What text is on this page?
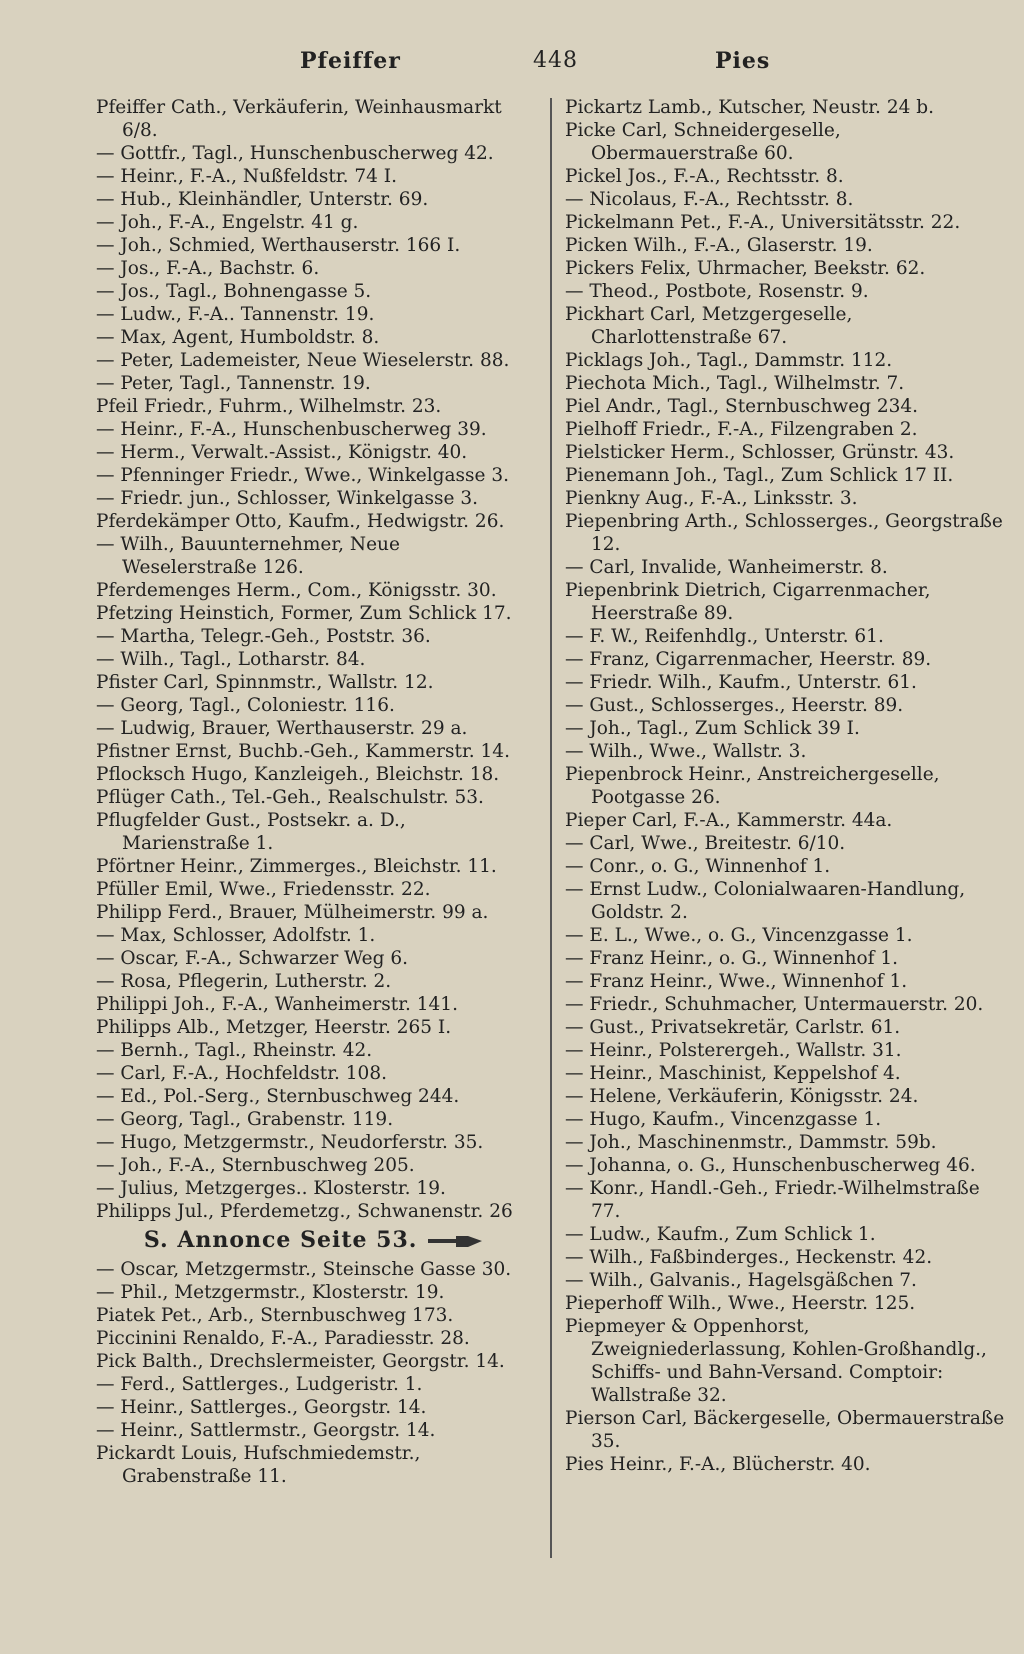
Pfeiffer	448	Pies
Pfeiffer Cath., Verkäuferin, Weinhausmarkt 6/8.
— Gottfr., Tagl., Hunschenbuscherweg 42.
— Heinr., F.-A., Nußfeldstr. 74 I.
— Hub., Kleinhändler, Unterstr. 69.
— Joh., F.-A., Engelstr. 41 g.
— Joh., Schmied, Werthauserstr. 166 I.
— Jos., F.-A., Bachstr. 6.
— Jos., Tagl., Bohnengasse 5.
— Ludw., F.-A.. Tannenstr. 19.
— Max, Agent, Humboldstr. 8.
— Peter, Lademeister, Neue Wieselerstr. 88.
— Peter, Tagl., Tannenstr. 19.
Pfeil Friedr., Fuhrm., Wilhelmstr. 23.
— Heinr., F.-A., Hunschenbuscherweg 39.
— Herm., Verwalt.-Assist., Königstr. 40.
— Pfenninger Friedr., Wwe., Winkelgasse 3.
— Friedr. jun., Schlosser, Winkelgasse 3.
Pferdekämper Otto, Kaufm., Hedwigstr. 26.
— Wilh., Bauunternehmer, Neue Weselerstraße 126.
Pferdemenges Herm., Com., Königsstr. 30.
Pfetzing Heinstich, Former, Zum Schlick 17.
— Martha, Telegr.-Geh., Poststr. 36.
— Wilh., Tagl., Lotharstr. 84.
Pfister Carl, Spinnmstr., Wallstr. 12.
— Georg, Tagl., Coloniestr. 116.
— Ludwig, Brauer, Werthauserstr. 29 a.
Pfistner Ernst, Buchb.-Geh., Kammerstr. 14.
Pflocksch Hugo, Kanzleigeh., Bleichstr. 18.
Pflüger Cath., Tel.-Geh., Realschulstr. 53.
Pflugfelder Gust., Postsekr. a. D., Marienstraße 1.
Pförtner Heinr., Zimmerges., Bleichstr. 11.
Pfüller Emil, Wwe., Friedensstr. 22.
Philipp Ferd., Brauer, Mülheimerstr. 99 a.
— Max, Schlosser, Adolfstr. 1.
— Oscar, F.-A., Schwarzer Weg 6.
— Rosa, Pflegerin, Lutherstr. 2.
Philippi Joh., F.-A., Wanheimerstr. 141.
Philipps Alb., Metzger, Heerstr. 265 I.
— Bernh., Tagl., Rheinstr. 42.
— Carl, F.-A., Hochfeldstr. 108.
— Ed., Pol.-Serg., Sternbuschweg 244.
— Georg, Tagl., Grabenstr. 119.
— Hugo, Metzgermstr., Neudorferstr. 35.
— Joh., F.-A., Sternbuschweg 205.
— Julius, Metzgerges.. Klosterstr. 19.
Philipps Jul., Pferdemetzg., Schwanenstr. 26
S. Annonce Seite 53.
— Oscar, Metzgermstr., Steinsche Gasse 30.
— Phil., Metzgermstr., Klosterstr. 19.
Piatek Pet., Arb., Sternbuschweg 173.
Piccinini Renaldo, F.-A., Paradiesstr. 28.
Pick Balth., Drechslermeister, Georgstr. 14.
— Ferd., Sattlerges., Ludgeristr. 1.
— Heinr., Sattlerges., Georgstr. 14.
— Heinr., Sattlermstr., Georgstr. 14.
Pickardt Louis, Hufschmiedemstr., Grabenstraße 11.
Pickartz Lamb., Kutscher, Neustr. 24 b.
Picke Carl, Schneidergeselle, Obermauerstraße 60.
Pickel Jos., F.-A., Rechtsstr. 8.
— Nicolaus, F.-A., Rechtsstr. 8.
Pickelmann Pet., F.-A., Universitätsstr. 22.
Picken Wilh., F.-A., Glaserstr. 19.
Pickers Felix, Uhrmacher, Beekstr. 62.
— Theod., Postbote, Rosenstr. 9.
Pickhart Carl, Metzgergeselle, Charlottenstraße 67.
Picklags Joh., Tagl., Dammstr. 112.
Piechota Mich., Tagl., Wilhelmstr. 7.
Piel Andr., Tagl., Sternbuschweg 234.
Pielhoff Friedr., F.-A., Filzengraben 2.
Pielsticker Herm., Schlosser, Grünstr. 43.
Pienemann Joh., Tagl., Zum Schlick 17 II.
Pienkny Aug., F.-A., Linksstr. 3.
Piepenbring Arth., Schlosserges., Georgstraße 12.
— Carl, Invalide, Wanheimerstr. 8.
Piepenbrink Dietrich, Cigarrenmacher, Heerstraße 89.
— F. W., Reifenhdlg., Unterstr. 61.
— Franz, Cigarrenmacher, Heerstr. 89.
— Friedr. Wilh., Kaufm., Unterstr. 61.
— Gust., Schlosserges., Heerstr. 89.
— Joh., Tagl., Zum Schlick 39 I.
— Wilh., Wwe., Wallstr. 3.
Piepenbrock Heinr., Anstreichergeselle, Pootgasse 26.
Pieper Carl, F.-A., Kammerstr. 44a.
— Carl, Wwe., Breitestr. 6/10.
— Conr., o. G., Winnenhof 1.
— Ernst Ludw., Colonialwaaren-Handlung, Goldstr. 2.
— E. L., Wwe., o. G., Vincenzgasse 1.
— Franz Heinr., o. G., Winnenhof 1.
— Franz Heinr., Wwe., Winnenhof 1.
— Friedr., Schuhmacher, Untermauerstr. 20.
— Gust., Privatsekretär, Carlstr. 61.
— Heinr., Polsterergeh., Wallstr. 31.
— Heinr., Maschinist, Keppelshof 4.
— Helene, Verkäuferin, Königsstr. 24.
— Hugo, Kaufm., Vincenzgasse 1.
— Joh., Maschinenmstr., Dammstr. 59b.
— Johanna, o. G., Hunschenbuscherweg 46.
— Konr., Handl.-Geh., Friedr.-Wilhelmstraße 77.
— Ludw., Kaufm., Zum Schlick 1.
— Wilh., Faßbinderges., Heckenstr. 42.
— Wilh., Galvanis., Hagelsgäßchen 7.
Pieperhoff Wilh., Wwe., Heerstr. 125.
Piepmeyer & Oppenhorst, Zweigniederlassung, Kohlen-Großhandlg., Schiffs- und Bahn-Versand. Comptoir: Wallstraße 32.
Pierson Carl, Bäckergeselle, Obermauerstraße 35.
Pies Heinr., F.-A., Blücherstr. 40.
